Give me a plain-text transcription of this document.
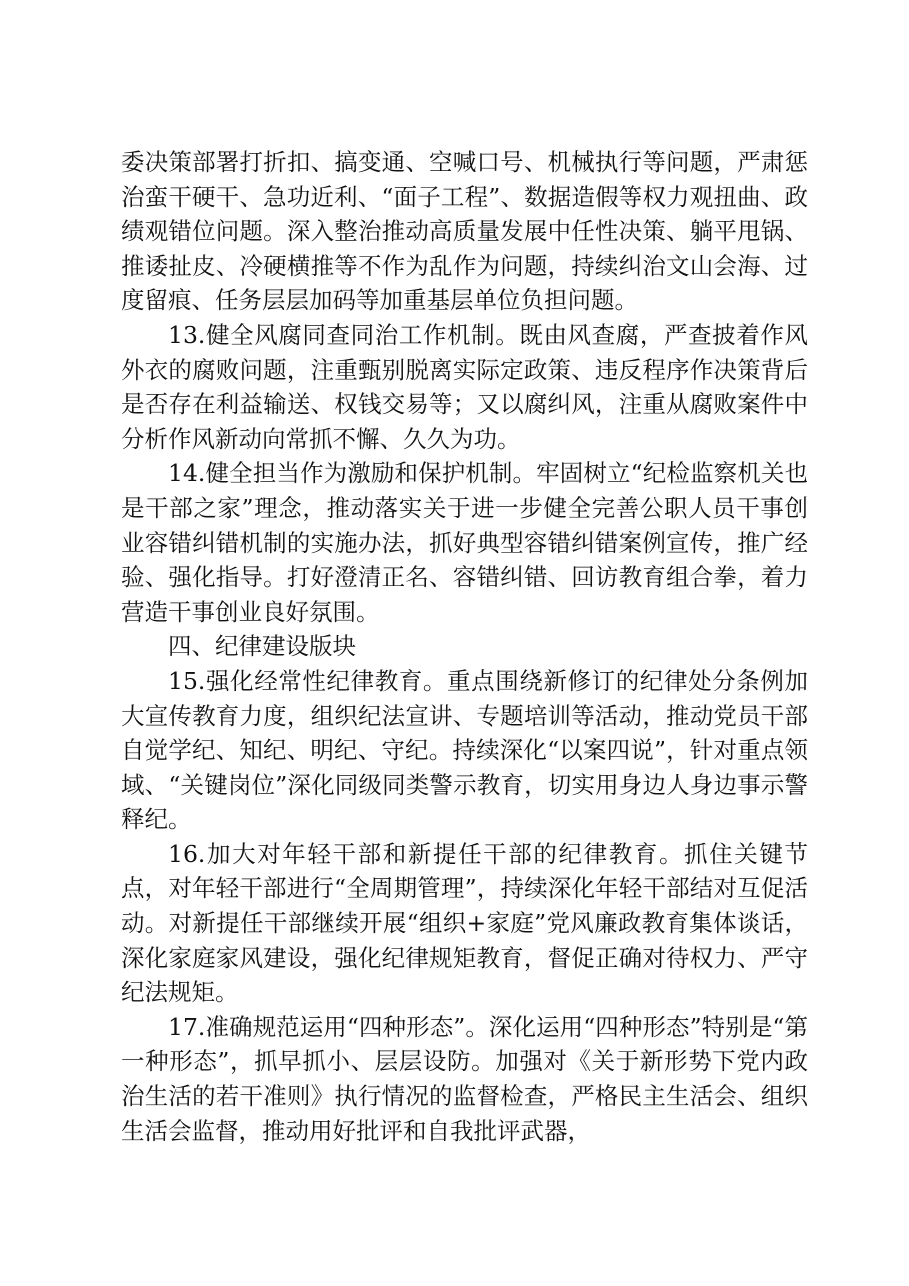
委决策部署打折扣、搞变通、空喊口号、机械执行等问题，严肃惩治蛮干硬干、急功近利、“面子工程”、数据造假等权力观扭曲、政绩观错位问题。深入整治推动高质量发展中任性决策、躺平甩锅、推诿扯皮、冷硬横推等不作为乱作为问题，持续纠治文山会海、过度留痕、任务层层加码等加重基层单位负担问题。

13.健全风腐同查同治工作机制。既由风查腐，严查披着作风外衣的腐败问题，注重甄别脱离实际定政策、违反程序作决策背后是否存在利益输送、权钱交易等；又以腐纠风，注重从腐败案件中分析作风新动向常抓不懈、久久为功。

14.健全担当作为激励和保护机制。牢固树立“纪检监察机关也是干部之家”理念，推动落实关于进一步健全完善公职人员干事创业容错纠错机制的实施办法，抓好典型容错纠错案例宣传，推广经验、强化指导。打好澄清正名、容错纠错、回访教育组合拳，着力营造干事创业良好氛围。

四、纪律建设版块

15.强化经常性纪律教育。重点围绕新修订的纪律处分条例加大宣传教育力度，组织纪法宣讲、专题培训等活动，推动党员干部自觉学纪、知纪、明纪、守纪。持续深化“以案四说”，针对重点领域、“关键岗位”深化同级同类警示教育，切实用身边人身边事示警释纪。

16.加大对年轻干部和新提任干部的纪律教育。抓住关键节点，对年轻干部进行“全周期管理”，持续深化年轻干部结对互促活动。对新提任干部继续开展“组织+家庭”党风廉政教育集体谈话，深化家庭家风建设，强化纪律规矩教育，督促正确对待权力、严守纪法规矩。

17.准确规范运用“四种形态”。深化运用“四种形态”特别是“第一种形态”，抓早抓小、层层设防。加强对《关于新形势下党内政治生活的若干准则》执行情况的监督检查，严格民主生活会、组织生活会监督，推动用好批评和自我批评武器，
